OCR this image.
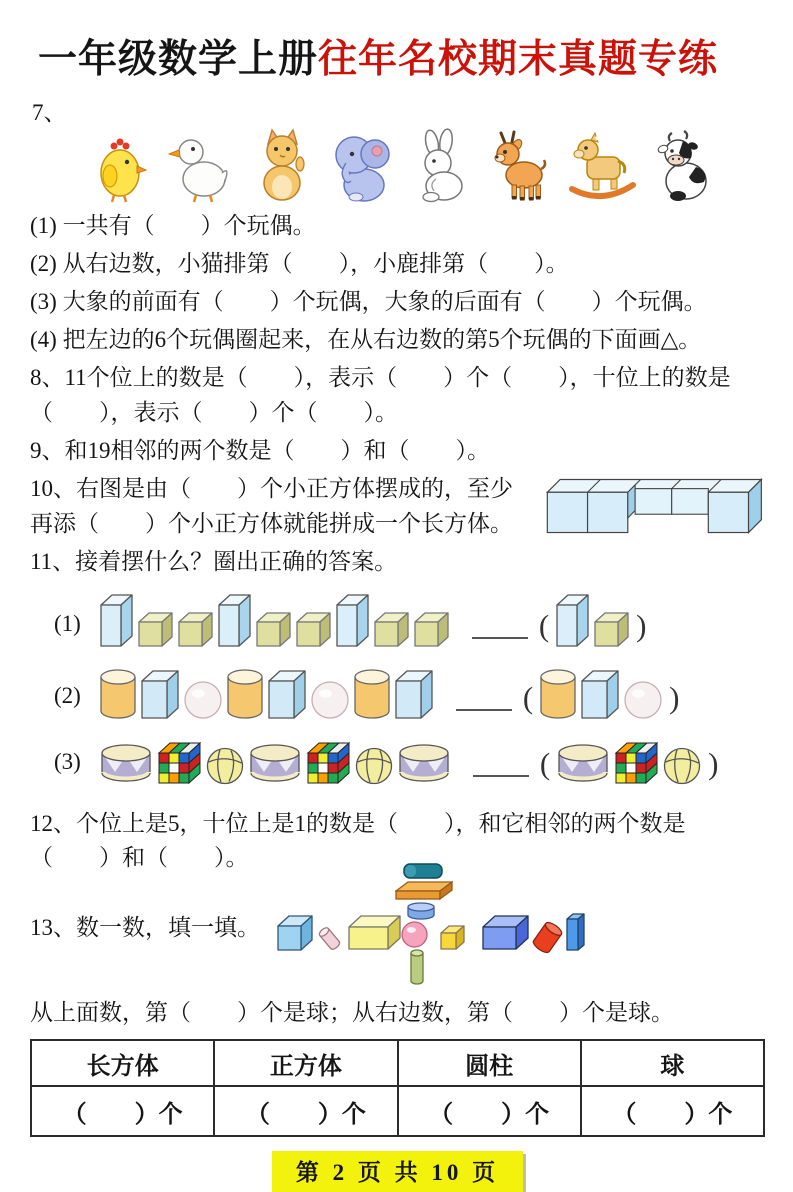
一年级数学上册往年名校期末真题专练
7、
(1) 一共有（　　）个玩偶。
(2) 从右边数，小猫排第（　　），小鹿排第（　　）。
(3) 大象的前面有（　　）个玩偶，大象的后面有（　　）个玩偶。
(4) 把左边的6个玩偶圈起来，在从右边数的第5个玩偶的下面画△。
8、11个位上的数是（　　），表示（　　）个（　　），十位上的数是（　　），表示（　　）个（　　）。
9、和19相邻的两个数是（　　）和（　　）。
10、右图是由（　　）个小正方体摆成的，至少再添（　　）个小正方体就能拼成一个长方体。
11、接着摆什么？圈出正确的答案。
(1)	(	)
(2)	(	)
(3)	(	)
12、个位上是5，十位上是1的数是（　　），和它相邻的两个数是（　　）和（　　）。
13、数一数，填一填。
从上面数，第（　　）个是球；从右边数，第（　　）个是球。
长方体	正方体	圆柱	球
（　　）个	（　　）个	（　　）个	（　　）个
第 2 页 共 10 页
